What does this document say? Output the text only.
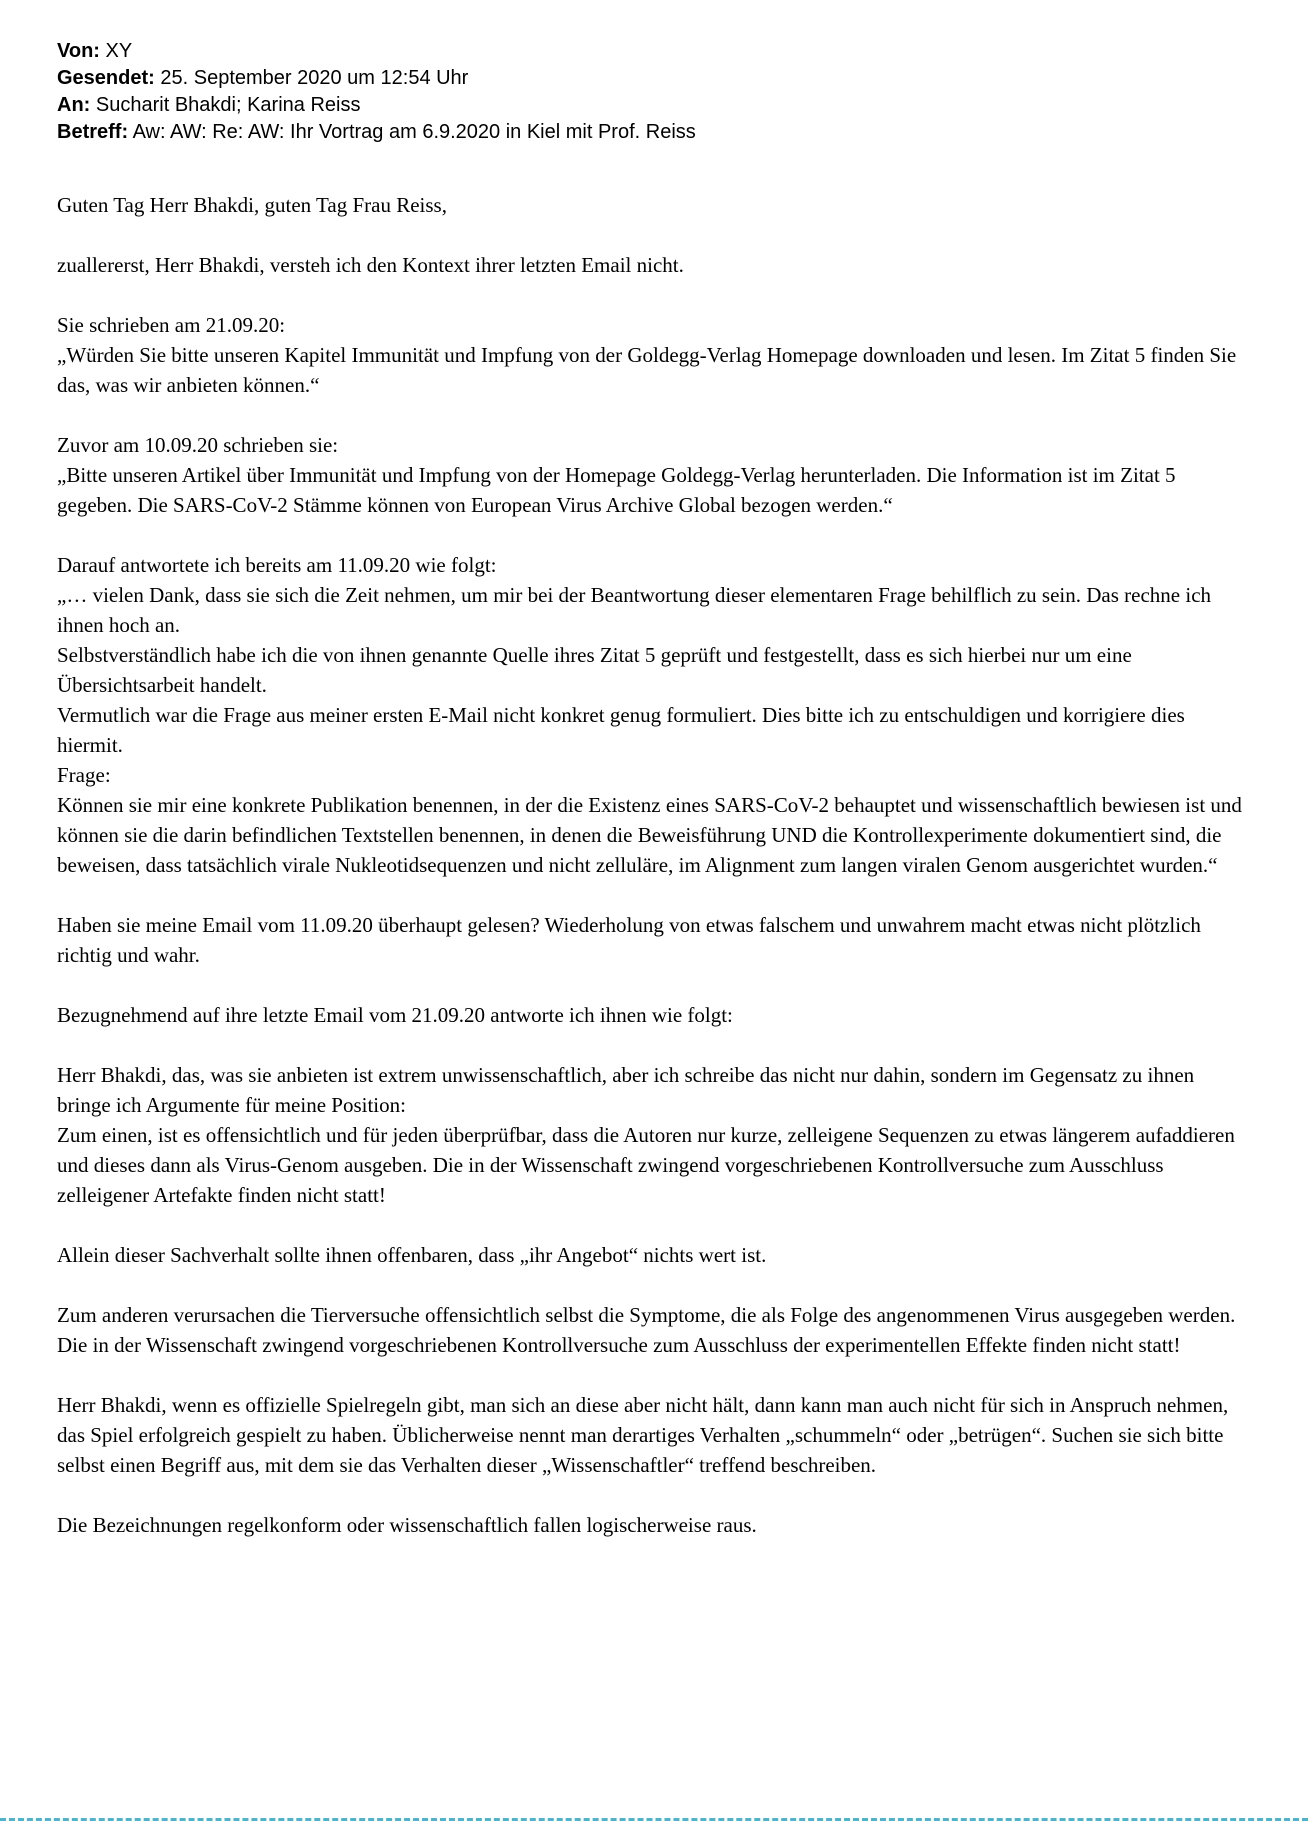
Von: XY
Gesendet: 25. September 2020 um 12:54 Uhr
An: Sucharit Bhakdi; Karina Reiss
Betreff: Aw: AW: Re: AW: Ihr Vortrag am 6.9.2020 in Kiel mit Prof. Reiss

Guten Tag Herr Bhakdi, guten Tag Frau Reiss,

zuallererst, Herr Bhakdi, versteh ich den Kontext ihrer letzten Email nicht.

Sie schrieben am 21.09.20:
„Würden Sie bitte unseren Kapitel Immunität und Impfung von der Goldegg-Verlag Homepage downloaden und lesen. Im Zitat 5 finden Sie das, was wir anbieten können.“

Zuvor am 10.09.20 schrieben sie:
„Bitte unseren Artikel über Immunität und Impfung von der Homepage Goldegg-Verlag herunterladen. Die Information ist im Zitat 5 gegeben. Die SARS-CoV-2 Stämme können von European Virus Archive Global bezogen werden.“

Darauf antwortete ich bereits am 11.09.20 wie folgt:
„… vielen Dank, dass sie sich die Zeit nehmen, um mir bei der Beantwortung dieser elementaren Frage behilflich zu sein. Das rechne ich ihnen hoch an.
Selbstverständlich habe ich die von ihnen genannte Quelle ihres Zitat 5 geprüft und festgestellt, dass es sich hierbei nur um eine Übersichtsarbeit handelt.
Vermutlich war die Frage aus meiner ersten E-Mail nicht konkret genug formuliert. Dies bitte ich zu entschuldigen und korrigiere dies hiermit.
Frage:
Können sie mir eine konkrete Publikation benennen, in der die Existenz eines SARS-CoV-2 behauptet und wissenschaftlich bewiesen ist und können sie die darin befindlichen Textstellen benennen, in denen die Beweisführung UND die Kontrollexperimente dokumentiert sind, die beweisen, dass tatsächlich virale Nukleotidsequenzen und nicht zelluläre, im Alignment zum langen viralen Genom ausgerichtet wurden.“

Haben sie meine Email vom 11.09.20 überhaupt gelesen? Wiederholung von etwas falschem und unwahrem macht etwas nicht plötzlich richtig und wahr.

Bezugnehmend auf ihre letzte Email vom 21.09.20 antworte ich ihnen wie folgt:

Herr Bhakdi, das, was sie anbieten ist extrem unwissenschaftlich, aber ich schreibe das nicht nur dahin, sondern im Gegensatz zu ihnen bringe ich Argumente für meine Position:
Zum einen, ist es offensichtlich und für jeden überprüfbar, dass die Autoren nur kurze, zelleigene Sequenzen zu etwas längerem aufaddieren und dieses dann als Virus-Genom ausgeben. Die in der Wissenschaft zwingend vorgeschriebenen Kontrollversuche zum Ausschluss zelleigener Artefakte finden nicht statt!

Allein dieser Sachverhalt sollte ihnen offenbaren, dass „ihr Angebot“ nichts wert ist.

Zum anderen verursachen die Tierversuche offensichtlich selbst die Symptome, die als Folge des angenommenen Virus ausgegeben werden. Die in der Wissenschaft zwingend vorgeschriebenen Kontrollversuche zum Ausschluss der experimentellen Effekte finden nicht statt!

Herr Bhakdi, wenn es offizielle Spielregeln gibt, man sich an diese aber nicht hält, dann kann man auch nicht für sich in Anspruch nehmen, das Spiel erfolgreich gespielt zu haben. Üblicherweise nennt man derartiges Verhalten „schummeln“ oder „betrügen“. Suchen sie sich bitte selbst einen Begriff aus, mit dem sie das Verhalten dieser „Wissenschaftler“ treffend beschreiben.

Die Bezeichnungen regelkonform oder wissenschaftlich fallen logischerweise raus.
